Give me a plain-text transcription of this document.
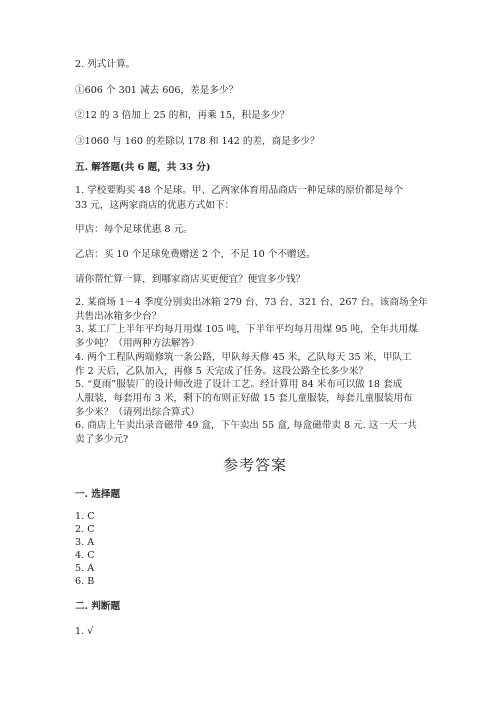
2. 列式计算。
①606 个 301 减去 606，差是多少？
②12 的 3 倍加上 25 的和，再乘 15，积是多少？
③1060 与 160 的差除以 178 和 142 的差，商是多少？
五. 解答题(共 6 题，共 33 分)
1. 学校要购买 48 个足球。甲、乙两家体育用品商店一种足球的原价都是每个
33 元，这两家商店的优惠方式如下：
甲店：每个足球优惠 8 元。
乙店：买 10 个足球免费赠送 2 个，不足 10 个不赠送。
请你帮忙算一算，到哪家商店买更便宜？便宜多少钱？
2. 某商场 1－4 季度分别卖出冰箱 279 台、73 台、321 台、267 台。该商场全年
共售出冰箱多少台？
3. 某工厂上半年平均每月用煤 105 吨，下半年平均每月用煤 95 吨，全年共用煤
多少吨？（用两种方法解答）
4. 两个工程队两端修筑一条公路，甲队每天修 45 米，乙队每天 35 米，甲队工
作 2 天后，乙队加入，再修 5 天完成了任务。这段公路全长多少米？
5. “夏雨”服装厂的设计师改进了设计工艺。经计算用 84 米布可以做 18 套成
人服装，每套用布 3 米，剩下的布则正好做 15 套儿童服装，每套儿童服装用布
多少米？（请列出综合算式）
6. 商店上午卖出录音磁带 49 盒，下午卖出 55 盒, 每盒磁带卖 8 元. 这一天一共
卖了多少元?
参考答案
一. 选择题
1. C
2. C
3. A
4. C
5. A
6. B
二. 判断题
1. √
